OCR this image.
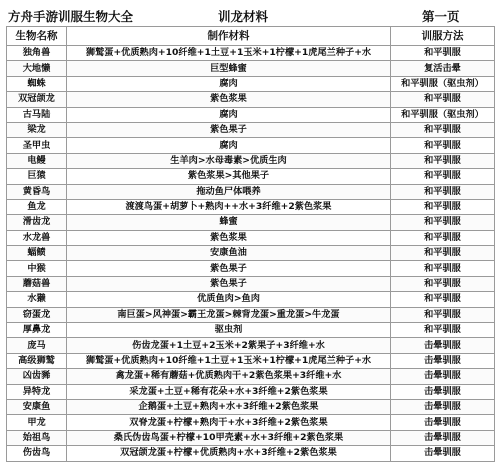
方舟手游训服生物大全	训龙材料	第一页
生物名称	制作材料	训服方法
独角兽	狮鹫蛋+优质熟肉+10纤维+1土豆+1玉米+1柠檬+1虎尾兰种子+水	和平驯服
大地懒	巨型蜂蜜	复活击晕
蜘蛛	腐肉	和平驯服（驱虫剂）
双冠颌龙	紫色浆果	和平驯服
古马陆	腐肉	和平驯服（驱虫剂）
梁龙	紫色果子	和平驯服
圣甲虫	腐肉	和平驯服
电鳗	生羊肉>水母毒素>优质生肉	和平驯服
巨猿	紫色浆果>其他果子	和平驯服
黄昏鸟	拖动鱼尸体喂养	和平驯服
鱼龙	渡渡鸟蛋+胡萝卜+熟肉++水+3纤维+2紫色浆果	和平驯服
滑齿龙	蜂蜜	和平驯服
水龙兽	紫色浆果	和平驯服
蝠鲼	安康鱼油	和平驯服
中猴	紫色果子	和平驯服
蘑菇兽	紫色果子	和平驯服
水獭	优质鱼肉>鱼肉	和平驯服
窃蛋龙	南巨蛋>风神蛋>霸王龙蛋>棘背龙蛋>重龙蛋>牛龙蛋	和平驯服
厚鼻龙	驱虫剂	和平驯服
庞马	伤齿龙蛋+1土豆+2玉米+2紫果子+3纤维+水	击晕驯服
高级狮鹫	狮鹫蛋+优质熟肉+10纤维+1土豆+1玉米+1柠檬+1虎尾兰种子+水	击晕驯服
凶齿豨	禽龙蛋+稀有蘑菇+优质熟肉干+2紫色浆果+3纤维+水	击晕驯服
异特龙	采龙蛋+土豆+稀有花朵+水+3纤维+2紫色浆果	击晕驯服
安康鱼	企鹅蛋+土豆+熟肉+水+3纤维+2紫色浆果	击晕驯服
甲龙	双脊龙蛋+柠檬+熟肉干+水+3纤维+2紫色浆果	击晕驯服
始祖鸟	桑氏伪齿鸟蛋+柠檬+10甲壳素+水+3纤维+2紫色浆果	击晕驯服
伤齿鸟	双冠颌龙蛋+柠檬+优质熟肉+水+3纤维+2紫色浆果	击晕驯服
